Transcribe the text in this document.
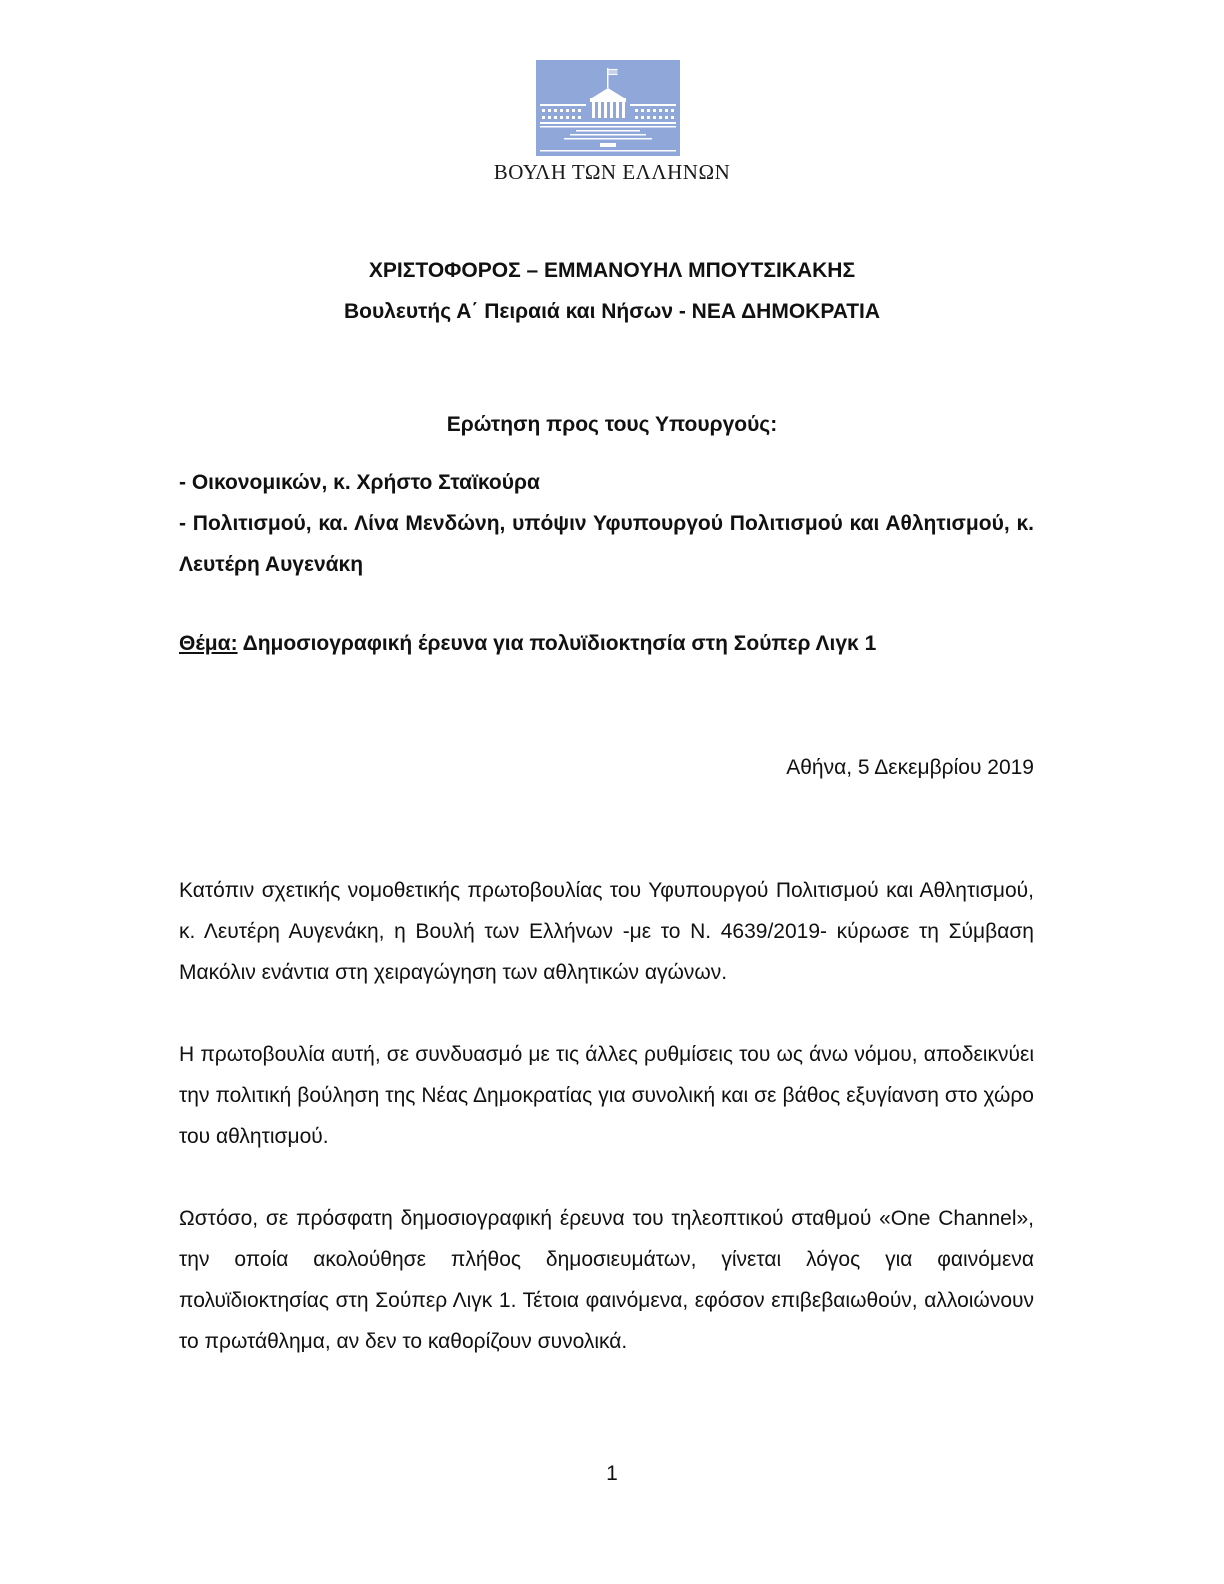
ΒΟΥΛΗ ΤΩΝ ΕΛΛΗΝΩΝ
ΧΡΙΣΤΟΦΟΡΟΣ – ΕΜΜΑΝΟΥΗΛ ΜΠΟΥΤΣΙΚΑΚΗΣ
Βουλευτής Α΄ Πειραιά και Νήσων - ΝΕΑ ΔΗΜΟΚΡΑΤΙΑ
Ερώτηση προς τους Υπουργούς:
- Οικονομικών, κ. Χρήστο Σταϊκούρα
- Πολιτισμού, κα. Λίνα Μενδώνη, υπόψιν Υφυπουργού Πολιτισμού και Αθλητισμού, κ. Λευτέρη Αυγενάκη
Θέμα: Δημοσιογραφική έρευνα για πολυϊδιοκτησία στη Σούπερ Λιγκ 1
Αθήνα, 5 Δεκεμβρίου 2019

Κατόπιν σχετικής νομοθετικής πρωτοβουλίας του Υφυπουργού Πολιτισμού και Αθλητισμού, κ. Λευτέρη Αυγενάκη, η Βουλή των Ελλήνων -με το Ν. 4639/2019- κύρωσε τη Σύμβαση Μακόλιν ενάντια στη χειραγώγηση των αθλητικών αγώνων.

Η πρωτοβουλία αυτή, σε συνδυασμό με τις άλλες ρυθμίσεις του ως άνω νόμου, αποδεικνύει την πολιτική βούληση της Νέας Δημοκρατίας για συνολική και σε βάθος εξυγίανση στο χώρο του αθλητισμού.

Ωστόσο, σε πρόσφατη δημοσιογραφική έρευνα του τηλεοπτικού σταθμού «One Channel», την οποία ακολούθησε πλήθος δημοσιευμάτων, γίνεται λόγος για φαινόμενα πολυϊδιοκτησίας στη Σούπερ Λιγκ 1. Τέτοια φαινόμενα, εφόσον επιβεβαιωθούν, αλλοιώνουν το πρωτάθλημα, αν δεν το καθορίζουν συνολικά.

1
